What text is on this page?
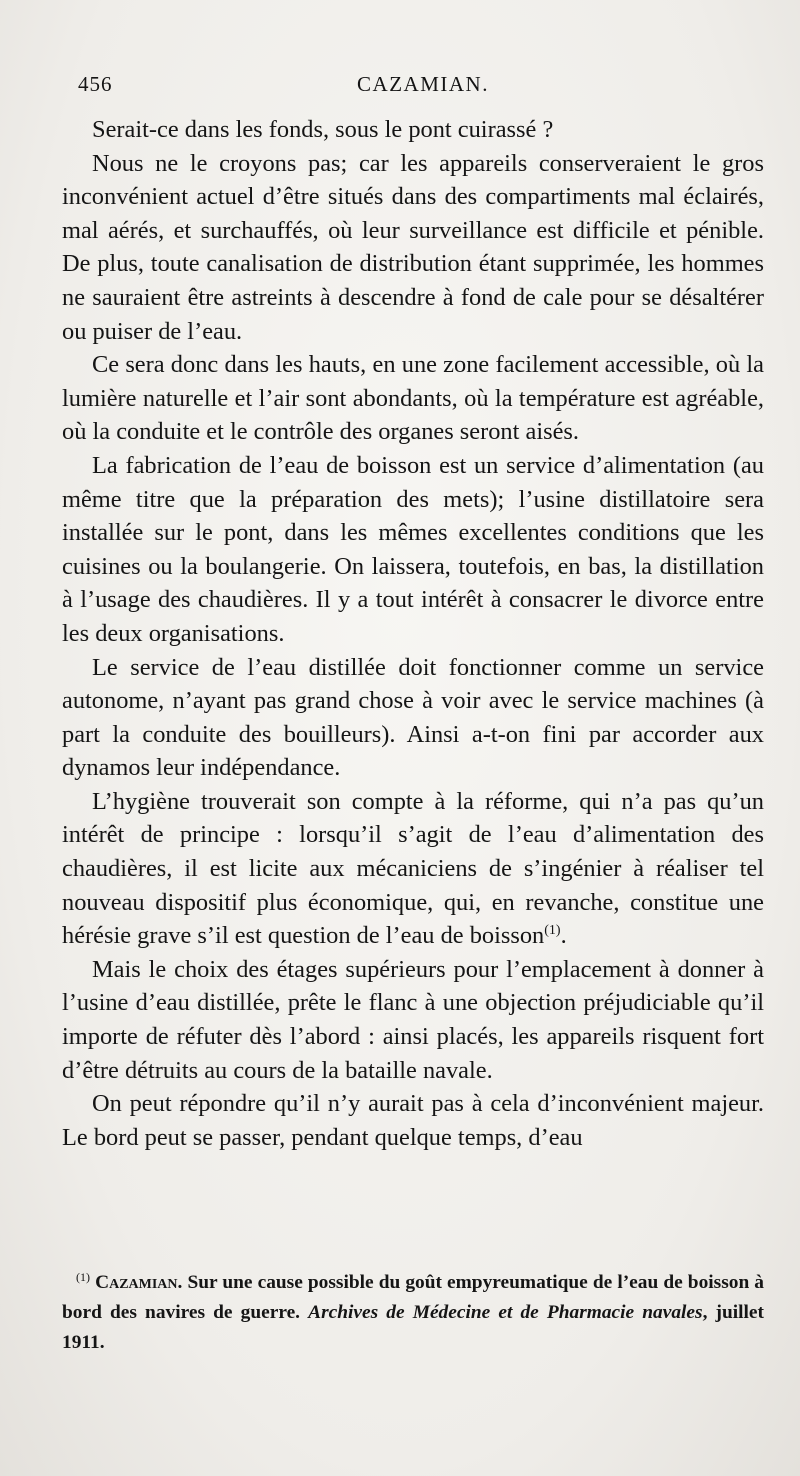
456	CAZAMIAN.

Serait-ce dans les fonds, sous le pont cuirassé ?

Nous ne le croyons pas; car les appareils conserveraient le gros inconvénient actuel d’être situés dans des compartiments mal éclairés, mal aérés, et surchauffés, où leur surveillance est difficile et pénible. De plus, toute canalisation de distribution étant supprimée, les hommes ne sauraient être astreints à descendre à fond de cale pour se désaltérer ou puiser de l’eau.

Ce sera donc dans les hauts, en une zone facilement accessible, où la lumière naturelle et l’air sont abondants, où la température est agréable, où la conduite et le contrôle des organes seront aisés.

La fabrication de l’eau de boisson est un service d’alimentation (au même titre que la préparation des mets); l’usine distillatoire sera installée sur le pont, dans les mêmes excellentes conditions que les cuisines ou la boulangerie. On laissera, toutefois, en bas, la distillation à l’usage des chaudières. Il y a tout intérêt à consacrer le divorce entre les deux organisations.

Le service de l’eau distillée doit fonctionner comme un service autonome, n’ayant pas grand chose à voir avec le service machines (à part la conduite des bouilleurs). Ainsi a-t-on fini par accorder aux dynamos leur indépendance.

L’hygiène trouverait son compte à la réforme, qui n’a pas qu’un intérêt de principe : lorsqu’il s’agit de l’eau d’alimentation des chaudières, il est licite aux mécaniciens de s’ingénier à réaliser tel nouveau dispositif plus économique, qui, en revanche, constitue une hérésie grave s’il est question de l’eau de boisson$^{(1)}$.

Mais le choix des étages supérieurs pour l’emplacement à donner à l’usine d’eau distillée, prête le flanc à une objection préjudiciable qu’il importe de réfuter dès l’abord : ainsi placés, les appareils risquent fort d’être détruits au cours de la bataille navale.

On peut répondre qu’il n’y aurait pas à cela d’inconvénient majeur. Le bord peut se passer, pendant quelque temps, d’eau

$^{(1)}$ Cazamian. Sur une cause possible du goût empyreumatique de l’eau de boisson à bord des navires de guerre. Archives de Médecine et de Pharmacie navales, juillet 1911.
